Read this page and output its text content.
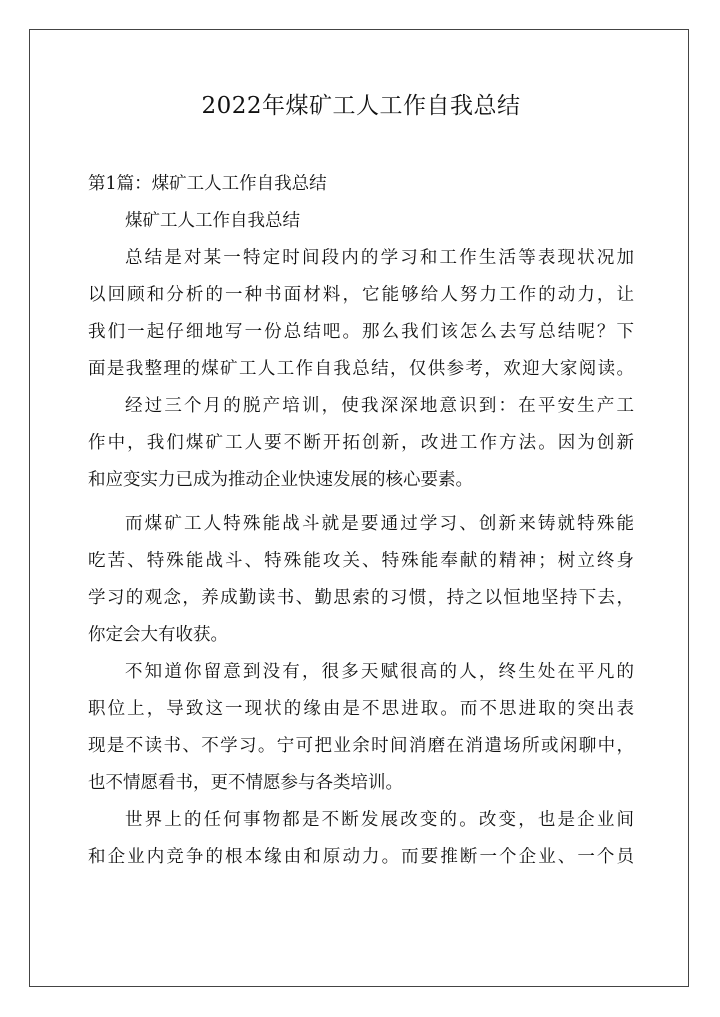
2022年煤矿工人工作自我总结
第1篇：煤矿工人工作自我总结
煤矿工人工作自我总结
总结是对某一特定时间段内的学习和工作生活等表现状况加
以回顾和分析的一种书面材料，它能够给人努力工作的动力，让
我们一起仔细地写一份总结吧。那么我们该怎么去写总结呢？下
面是我整理的煤矿工人工作自我总结，仅供参考，欢迎大家阅读。
经过三个月的脱产培训，使我深深地意识到：在平安生产工
作中，我们煤矿工人要不断开拓创新，改进工作方法。因为创新
和应变实力已成为推动企业快速发展的核心要素。
而煤矿工人特殊能战斗就是要通过学习、创新来铸就特殊能
吃苦、特殊能战斗、特殊能攻关、特殊能奉献的精神；树立终身
学习的观念，养成勤读书、勤思索的习惯，持之以恒地坚持下去，
你定会大有收获。
不知道你留意到没有，很多天赋很高的人，终生处在平凡的
职位上，导致这一现状的缘由是不思进取。而不思进取的突出表
现是不读书、不学习。宁可把业余时间消磨在消遣场所或闲聊中，
也不情愿看书，更不情愿参与各类培训。
世界上的任何事物都是不断发展改变的。改变，也是企业间
和企业内竞争的根本缘由和原动力。而要推断一个企业、一个员
